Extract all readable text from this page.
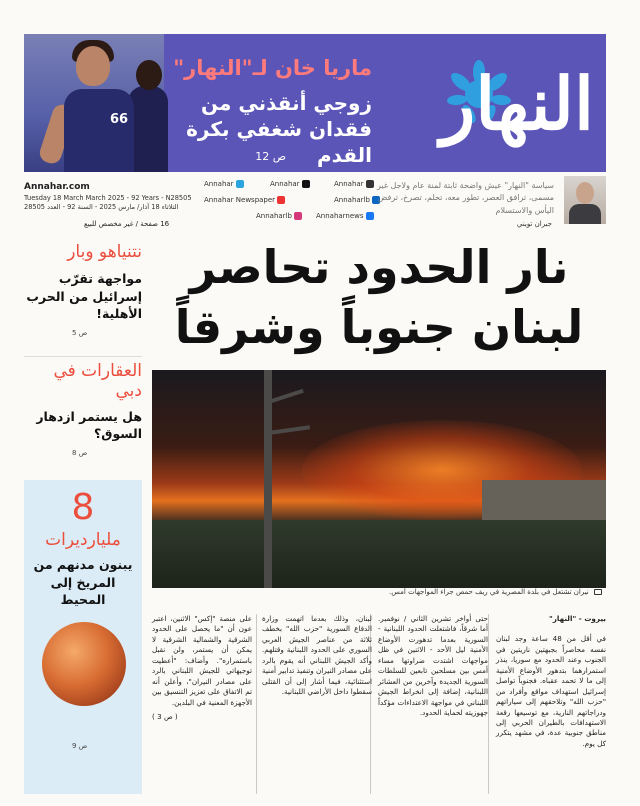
66
ماريا خان لـ"النهار"
زوجي أنقذني من فقدان شغفي بكرة القدم
ص 12
النهار
Annahar.com
Tuesday 18 March March 2025 - 92 Years - N28505
الثلاثاء 18 آذار/ مارس 2025 - السنة 92 - العدد 28505
16 صفحة / غير مخصص للبيع
Annahar	Annahar	Annahar
Annahar Newspaper	Annaharlb
Annaharlb	Annaharnews
سياسة "النهار" عيش واضحة ثابتة لمنة عام ولاجل غير مسمى، ترافق العصر، تطور معه، تحلم، تصرخ، ترفض اليأس والاستسلام
جبران تويني
نتنياهو وبار
مواجهة تقرّب إسرائيل من الحرب الأهلية!
ص 5
العقارات في دبي
هل يستمر ازدهار السوق؟
ص 8
8
مليارديرات
يبنون مدنهم من المريخ إلى المحيط
ص 9
نار الحدود تحاصر لبنان جنوباً وشرقاً
نيران تشتعل في بلدة المصرية في ريف حمص جراء المواجهات أمس.
بيروت - "النهار"
في أقل من 48 ساعة وجد لبنان نفسه محاصراً بجبهتين ناريتين في الجنوب وعند الحدود مع سوريا، ينذر استمرارهما بتدهور الأوضاع الأمنية إلى ما لا تحمد عقباه. فجنوباً تواصل إسرائيل استهداف مواقع وأفراد من "حزب الله" وتلاحقهم إلى سياراتهم ودراجاتهم النارية، مع توسيعها رقعة الاستهدافات بالطيران الحربي إلى مناطق جنوبية عدة، في مشهد يتكرر كل يوم.
حتى أواخر تشرين الثاني / نوفمبر. أما شرقاً، فاشتعلت الحدود اللبنانية - السورية بعدما تدهورت الأوضاع الأمنية ليل الأحد - الاثنين في ظل مواجهات اشتدت ضراوتها مساء أمس بين مسلحين تابعين للسلطات السورية الجديدة وآخرين من العشائر اللبنانية، إضافة إلى انخراط الجيش اللبناني في مواجهة الاعتداءات مؤكداً جهوزيته لحماية الحدود.
لبنان، وذلك بعدما اتهمت وزارة الدفاع السورية "حزب الله" بخطف ثلاثة من عناصر الجيش العربي السوري على الحدود اللبنانية وقتلهم. وأكد الجيش اللبناني أنه يقوم بالرد على مصادر النيران وتنفيذ تدابير أمنية استثنائية، فيما أشار إلى أن القتلى سقطوا داخل الأراضي اللبنانية.
على منصة "إكس" الاثنين، اعتبر عون أن "ما يحصل على الحدود الشرقية والشمالية الشرقية لا يمكن أن يستمر، ولن نقبل باستمراره". وأضاف: "أعطيت توجيهاتي للجيش اللبناني بالرد على مصادر النيران"، وأعلن أنه تم الاتفاق على تعزيز التنسيق بين الأجهزة المعنية في البلدين.
( ص 3 )
